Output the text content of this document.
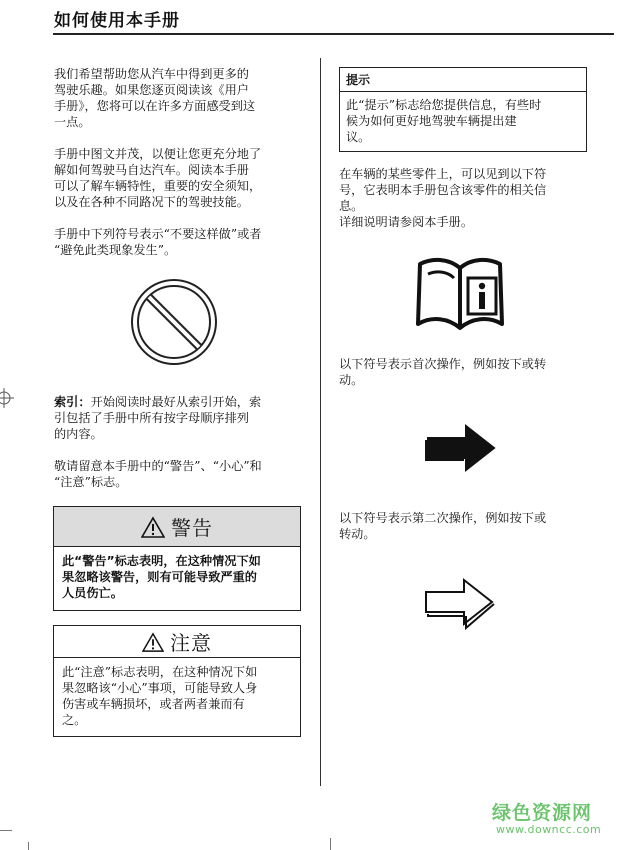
如何使用本手册
我们希望帮助您从汽车中得到更多的
驾驶乐趣。如果您逐页阅读该《用户
手册》，您将可以在许多方面感受到这
一点。
手册中图文并茂，以便让您更充分地了
解如何驾驶马自达汽车。阅读本手册
可以了解车辆特性，重要的安全须知，
以及在各种不同路况下的驾驶技能。
手册中下列符号表示“不要这样做”或者
“避免此类现象发生”。
索引：开始阅读时最好从索引开始，索
引包括了手册中所有按字母顺序排列
的内容。
敬请留意本手册中的“警告”、“小心”和
“注意”标志。
警告
此“警告”标志表明，在这种情况下如
果忽略该警告，则有可能导致严重的
人员伤亡。
注意
此“注意”标志表明，在这种情况下如
果忽略该“小心”事项，可能导致人身
伤害或车辆损坏，或者两者兼而有
之。
提示
此“提示”标志给您提供信息，有些时
候为如何更好地驾驶车辆提出建
议。
在车辆的某些零件上，可以见到以下符
号，它表明本手册包含该零件的相关信
息。
详细说明请参阅本手册。
以下符号表示首次操作，例如按下或转
动。
以下符号表示第二次操作，例如按下或
转动。
绿色资源网
www.downcc.com
